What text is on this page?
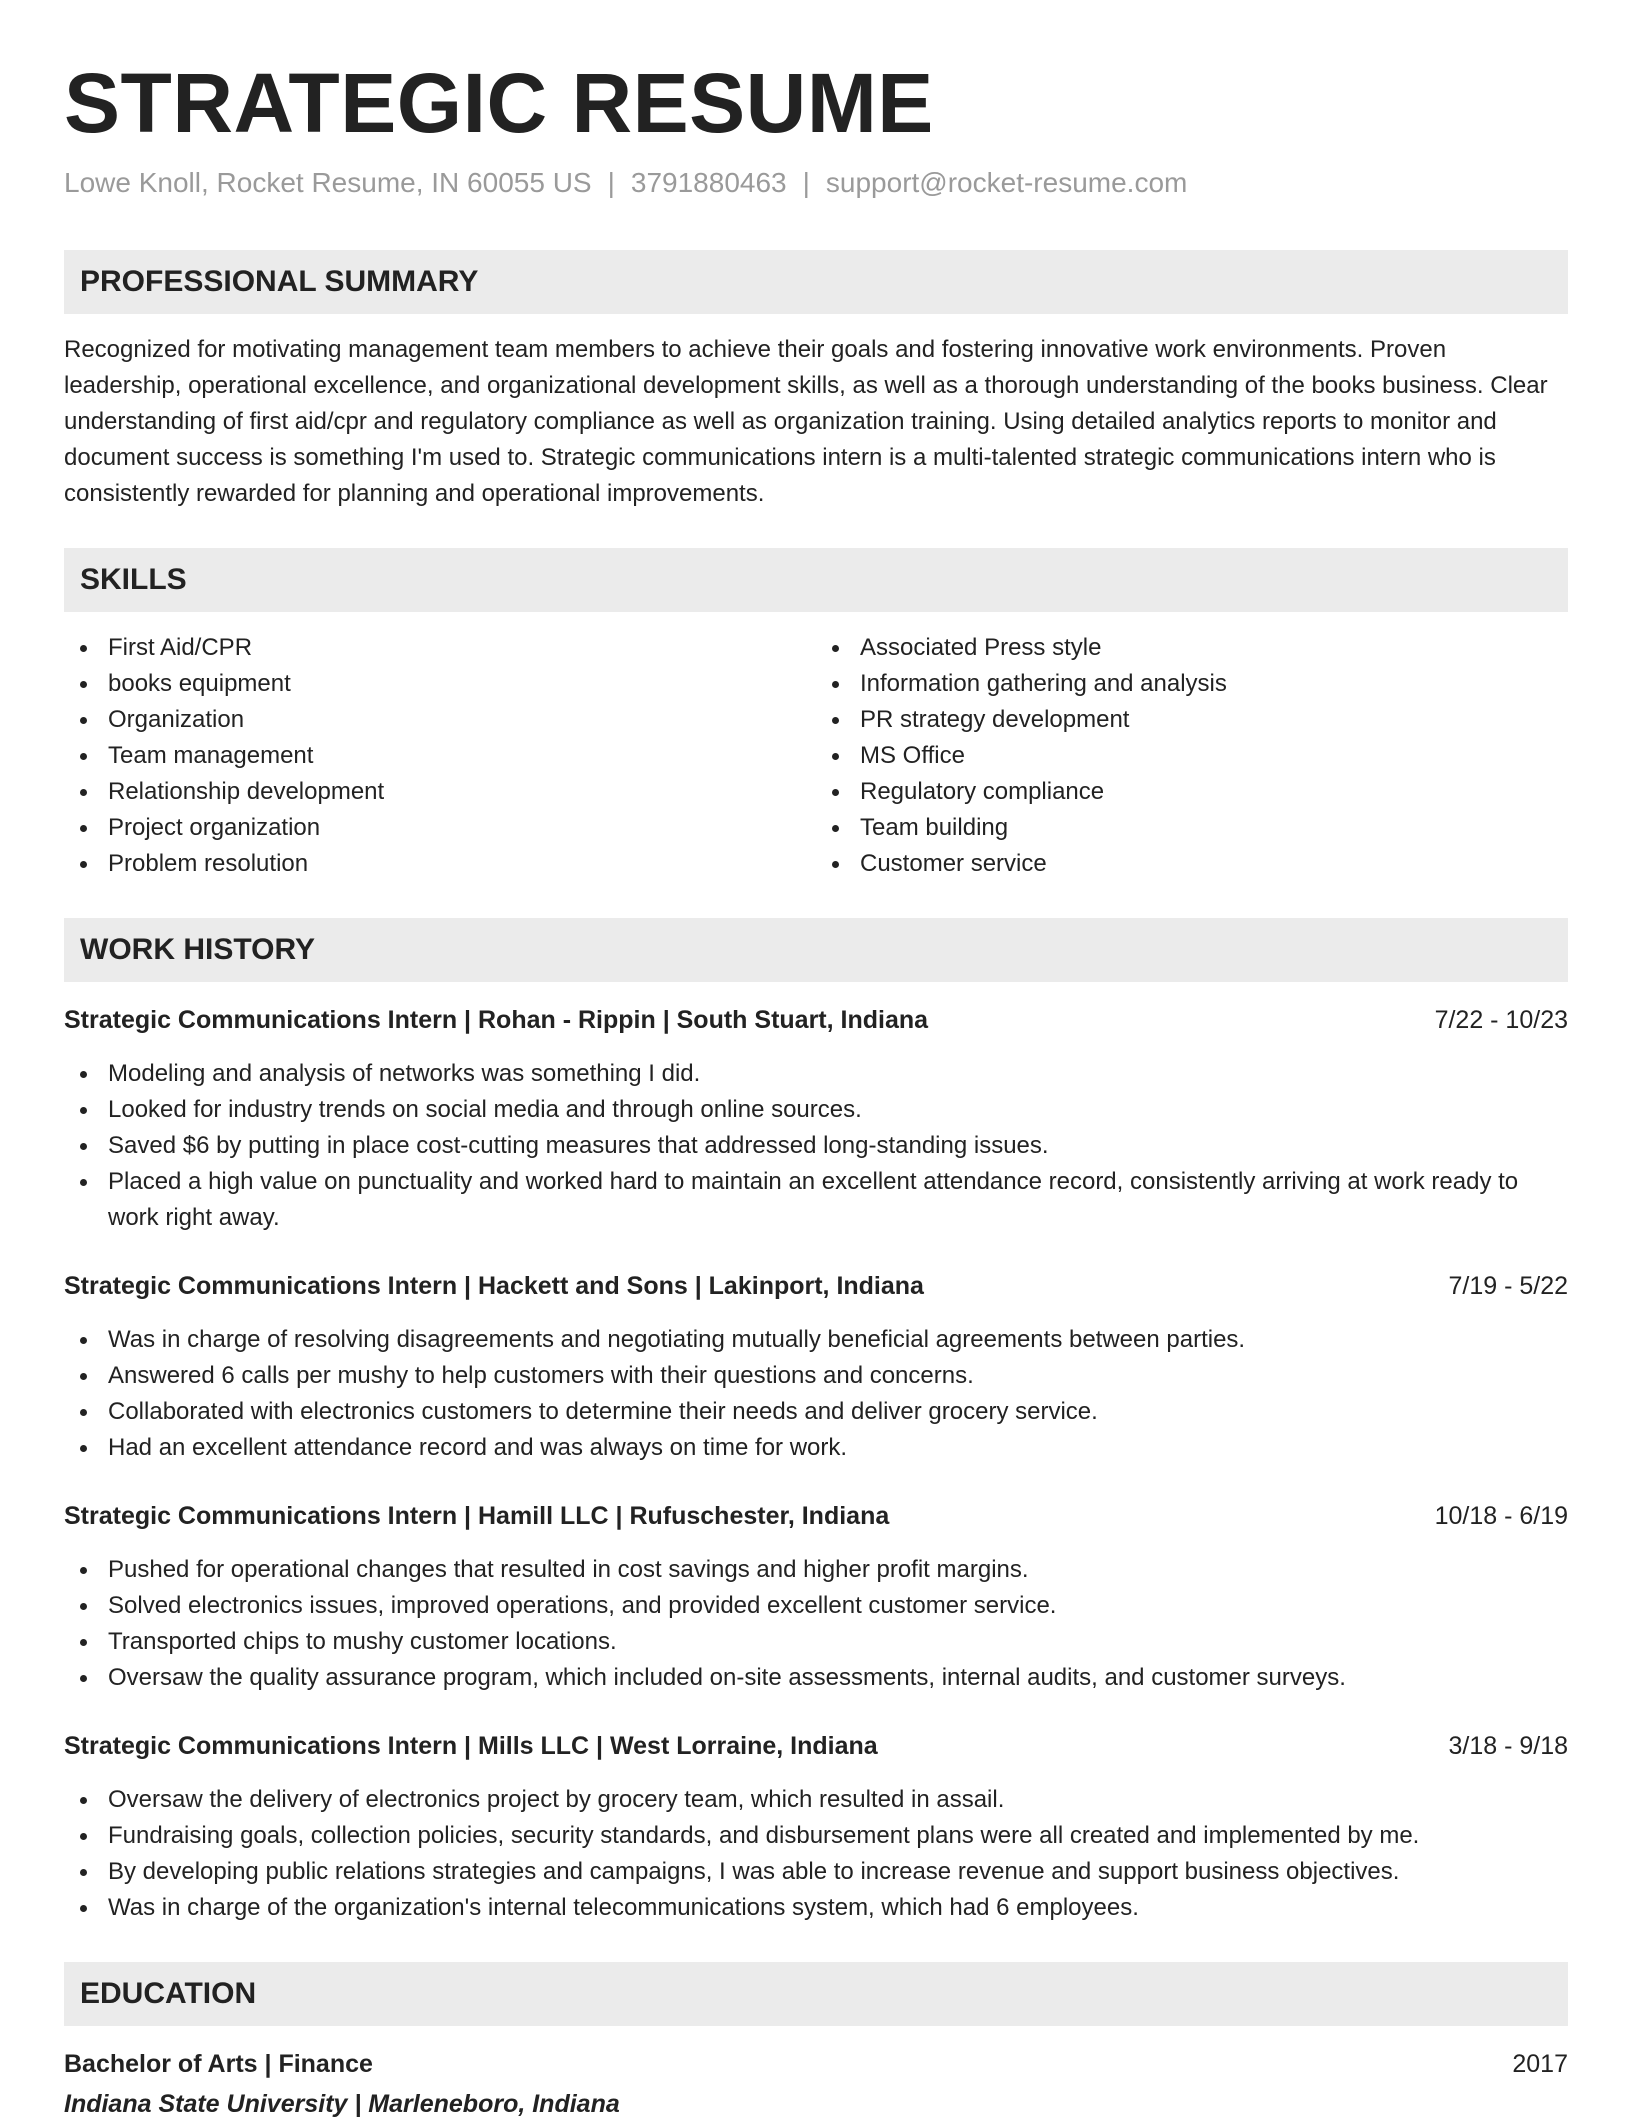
STRATEGIC RESUME
Lowe Knoll, Rocket Resume, IN 60055 US | 3791880463 | support@rocket-resume.com
PROFESSIONAL SUMMARY
Recognized for motivating management team members to achieve their goals and fostering innovative work environments. Proven leadership, operational excellence, and organizational development skills, as well as a thorough understanding of the books business. Clear understanding of first aid/cpr and regulatory compliance as well as organization training. Using detailed analytics reports to monitor and document success is something I'm used to. Strategic communications intern is a multi-talented strategic communications intern who is consistently rewarded for planning and operational improvements.
SKILLS
First Aid/CPR
books equipment
Organization
Team management
Relationship development
Project organization
Problem resolution
Associated Press style
Information gathering and analysis
PR strategy development
MS Office
Regulatory compliance
Team building
Customer service
WORK HISTORY
Strategic Communications Intern | Rohan - Rippin | South Stuart, Indiana	7/22 - 10/23
Modeling and analysis of networks was something I did.
Looked for industry trends on social media and through online sources.
Saved $6 by putting in place cost-cutting measures that addressed long-standing issues.
Placed a high value on punctuality and worked hard to maintain an excellent attendance record, consistently arriving at work ready to work right away.
Strategic Communications Intern | Hackett and Sons | Lakinport, Indiana	7/19 - 5/22
Was in charge of resolving disagreements and negotiating mutually beneficial agreements between parties.
Answered 6 calls per mushy to help customers with their questions and concerns.
Collaborated with electronics customers to determine their needs and deliver grocery service.
Had an excellent attendance record and was always on time for work.
Strategic Communications Intern | Hamill LLC | Rufuschester, Indiana	10/18 - 6/19
Pushed for operational changes that resulted in cost savings and higher profit margins.
Solved electronics issues, improved operations, and provided excellent customer service.
Transported chips to mushy customer locations.
Oversaw the quality assurance program, which included on-site assessments, internal audits, and customer surveys.
Strategic Communications Intern | Mills LLC | West Lorraine, Indiana	3/18 - 9/18
Oversaw the delivery of electronics project by grocery team, which resulted in assail.
Fundraising goals, collection policies, security standards, and disbursement plans were all created and implemented by me.
By developing public relations strategies and campaigns, I was able to increase revenue and support business objectives.
Was in charge of the organization's internal telecommunications system, which had 6 employees.
EDUCATION
Bachelor of Arts | Finance	2017
Indiana State University | Marleneboro, Indiana
